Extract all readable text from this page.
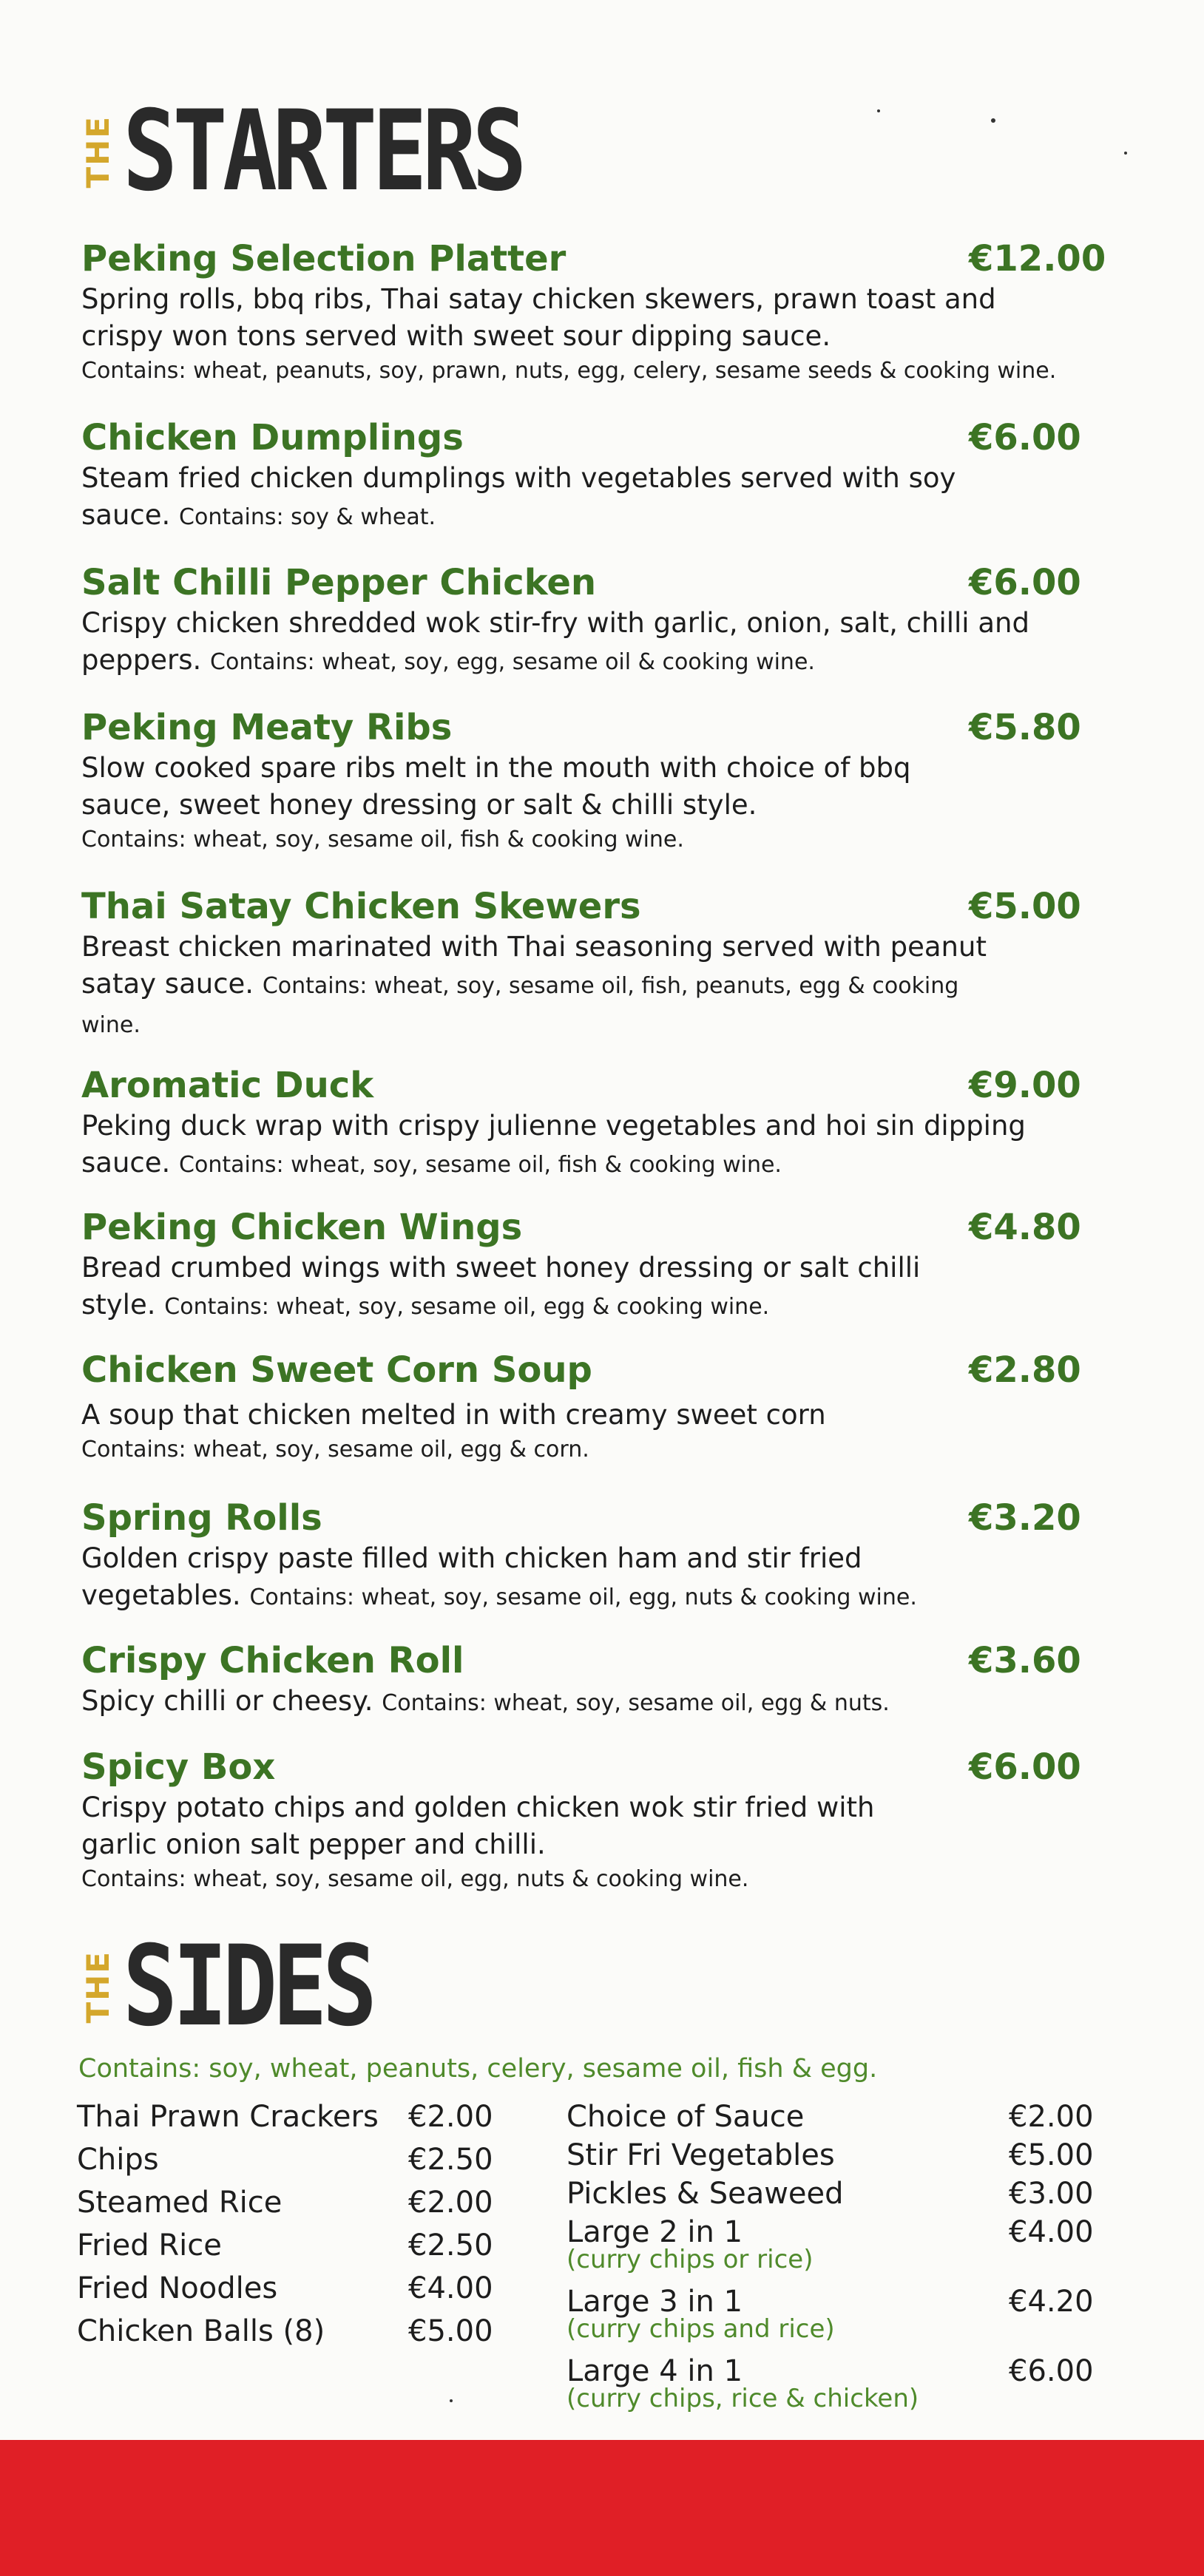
THE STARTERS
Peking Selection Platter	€12.00
Spring rolls, bbq ribs, Thai satay chicken skewers, prawn toast and crispy won tons served with sweet sour dipping sauce.
Contains: wheat, peanuts, soy, prawn, nuts, egg, celery, sesame seeds & cooking wine.
Chicken Dumplings	€6.00
Steam fried chicken dumplings with vegetables served with soy sauce. Contains: soy & wheat.
Salt Chilli Pepper Chicken	€6.00
Crispy chicken shredded wok stir-fry with garlic, onion, salt, chilli and peppers. Contains: wheat, soy, egg, sesame oil & cooking wine.
Peking Meaty Ribs	€5.80
Slow cooked spare ribs melt in the mouth with choice of bbq sauce, sweet honey dressing or salt & chilli style.
Contains: wheat, soy, sesame oil, fish & cooking wine.
Thai Satay Chicken Skewers	€5.00
Breast chicken marinated with Thai seasoning served with peanut satay sauce. Contains: wheat, soy, sesame oil, fish, peanuts, egg & cooking wine.
Aromatic Duck	€9.00
Peking duck wrap with crispy julienne vegetables and hoi sin dipping sauce. Contains: wheat, soy, sesame oil, fish & cooking wine.
Peking Chicken Wings	€4.80
Bread crumbed wings with sweet honey dressing or salt chilli style. Contains: wheat, soy, sesame oil, egg & cooking wine.
Chicken Sweet Corn Soup	€2.80
A soup that chicken melted in with creamy sweet corn
Contains: wheat, soy, sesame oil, egg & corn.
Spring Rolls	€3.20
Golden crispy paste filled with chicken ham and stir fried vegetables. Contains: wheat, soy, sesame oil, egg, nuts & cooking wine.
Crispy Chicken Roll	€3.60
Spicy chilli or cheesy. Contains: wheat, soy, sesame oil, egg & nuts.
Spicy Box	€6.00
Crispy potato chips and golden chicken wok stir fried with garlic onion salt pepper and chilli.
Contains: wheat, soy, sesame oil, egg, nuts & cooking wine.
THE SIDES
Contains: soy, wheat, peanuts, celery, sesame oil, fish & egg.
Thai Prawn Crackers €2.00
Chips	€2.50
Steamed Rice	€2.00
Fried Rice	€2.50
Fried Noodles	€4.00
Chicken Balls (8)	€5.00
Choice of Sauce	€2.00
Stir Fri Vegetables	€5.00
Pickles & Seaweed	€3.00
Large 2 in 1	€4.00
(curry chips or rice)
Large 3 in 1	€4.20
(curry chips and rice)
Large 4 in 1	€6.00
(curry chips, rice & chicken)
